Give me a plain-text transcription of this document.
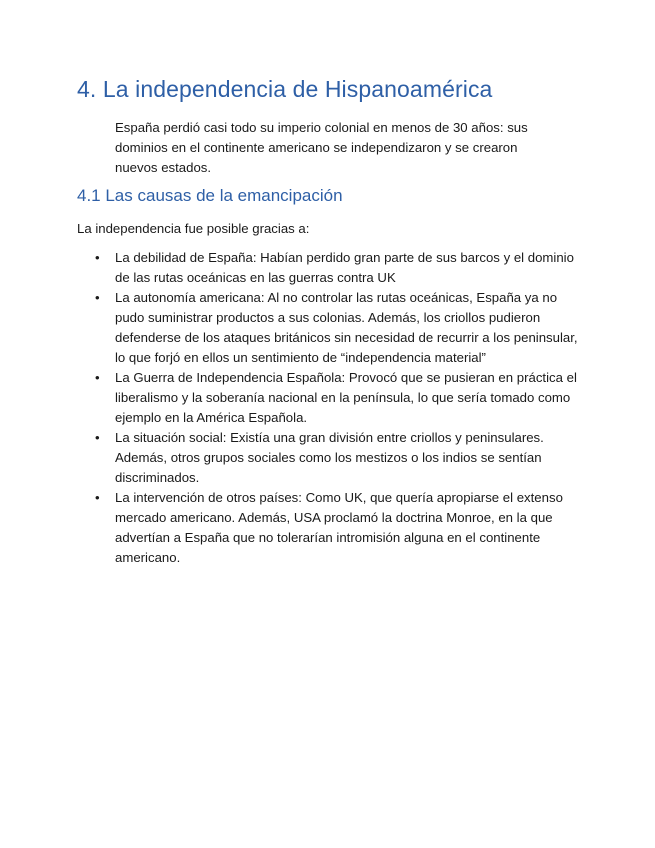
4. La independencia de Hispanoamérica
España perdió casi todo su imperio colonial en menos de 30 años: sus dominios en el continente americano se independizaron y se crearon nuevos estados.
4.1 Las causas de la emancipación
La independencia fue posible gracias a:
• La debilidad de España: Habían perdido gran parte de sus barcos y el dominio de las rutas oceánicas en las guerras contra UK
• La autonomía americana: Al no controlar las rutas oceánicas, España ya no pudo suministrar productos a sus colonias. Además, los criollos pudieron defenderse de los ataques británicos sin necesidad de recurrir a los peninsular, lo que forjó en ellos un sentimiento de “independencia material”
• La Guerra de Independencia Española: Provocó que se pusieran en práctica el liberalismo y la soberanía nacional en la península, lo que sería tomado como ejemplo en la América Española.
• La situación social: Existía una gran división entre criollos y peninsulares. Además, otros grupos sociales como los mestizos o los indios se sentían discriminados.
• La intervención de otros países: Como UK, que quería apropiarse el extenso mercado americano. Además, USA proclamó la doctrina Monroe, en la que advertían a España que no tolerarían intromisión alguna en el continente americano.
